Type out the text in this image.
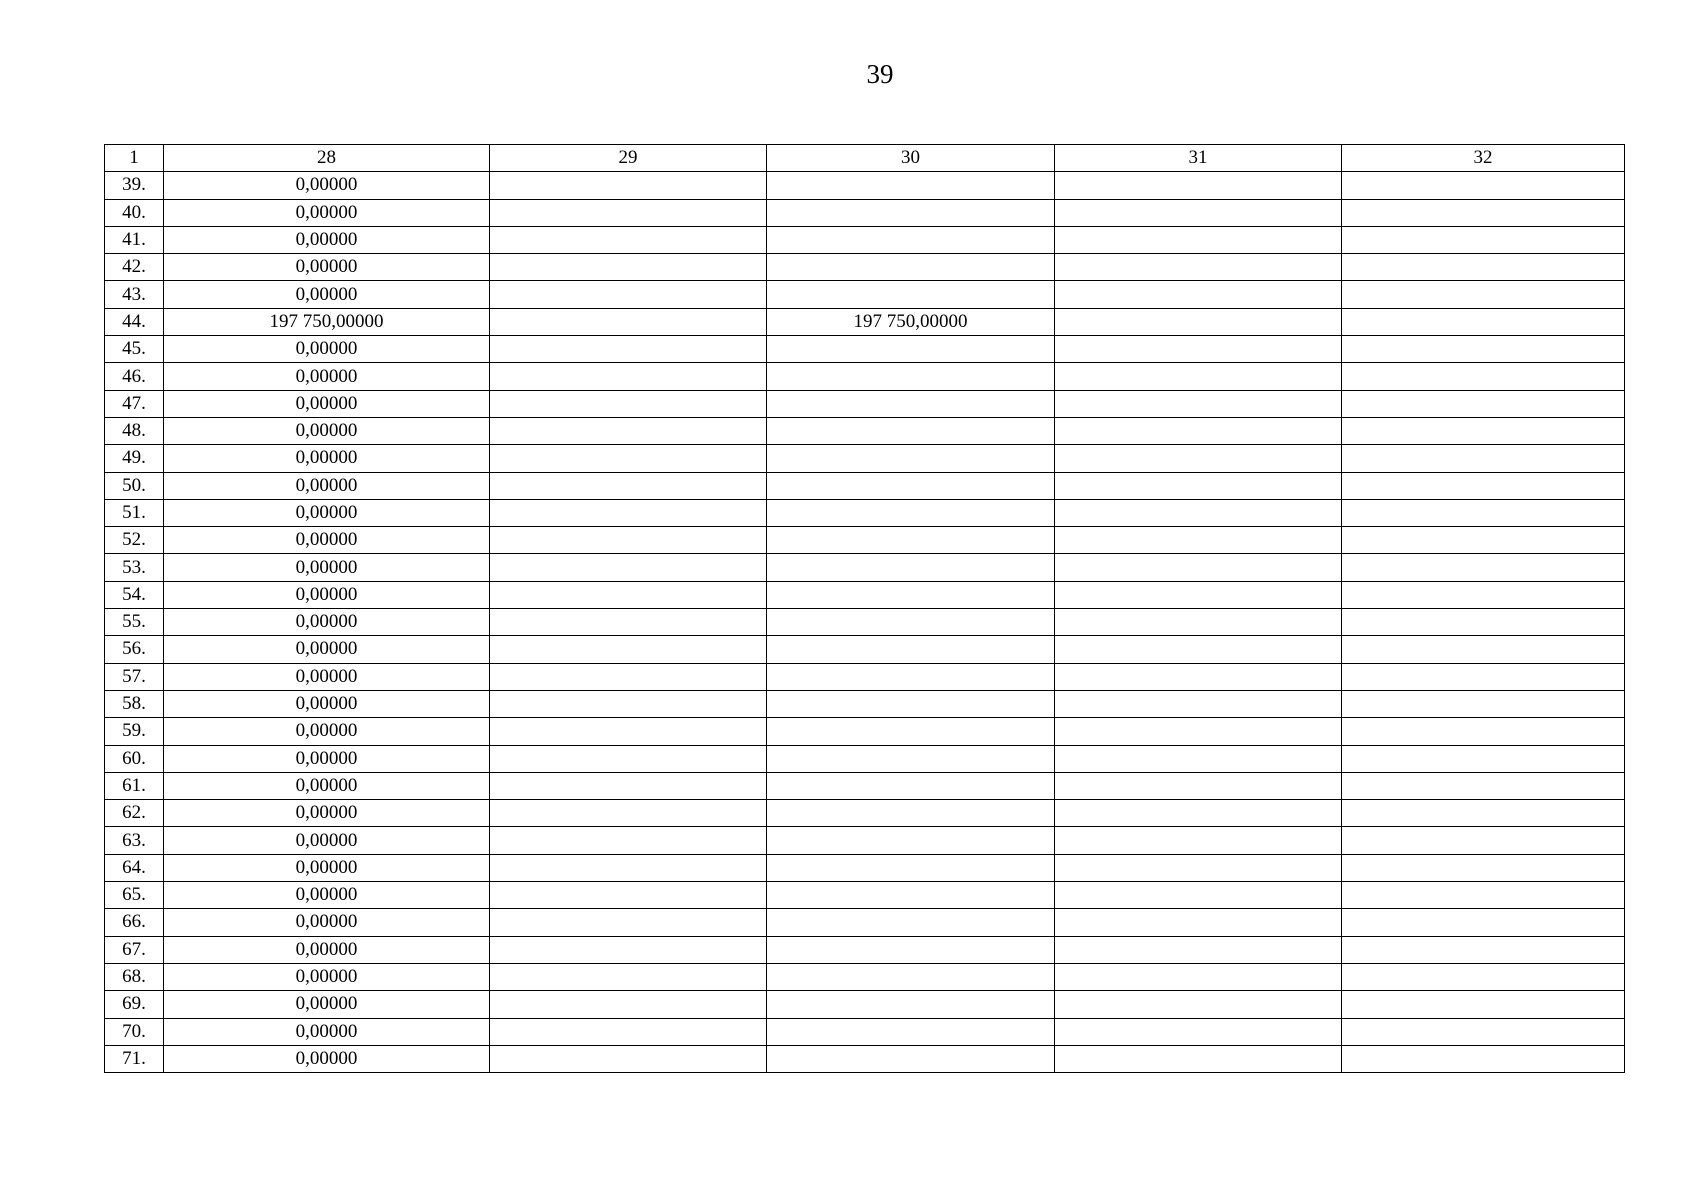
39
1	28	29	30	31	32
39.	0,00000				
40.	0,00000				
41.	0,00000				
42.	0,00000				
43.	0,00000				
44.	197 750,00000		197 750,00000		
45.	0,00000				
46.	0,00000				
47.	0,00000				
48.	0,00000				
49.	0,00000				
50.	0,00000				
51.	0,00000				
52.	0,00000				
53.	0,00000				
54.	0,00000				
55.	0,00000				
56.	0,00000				
57.	0,00000				
58.	0,00000				
59.	0,00000				
60.	0,00000				
61.	0,00000				
62.	0,00000				
63.	0,00000				
64.	0,00000				
65.	0,00000				
66.	0,00000				
67.	0,00000				
68.	0,00000				
69.	0,00000				
70.	0,00000				
71.	0,00000				
